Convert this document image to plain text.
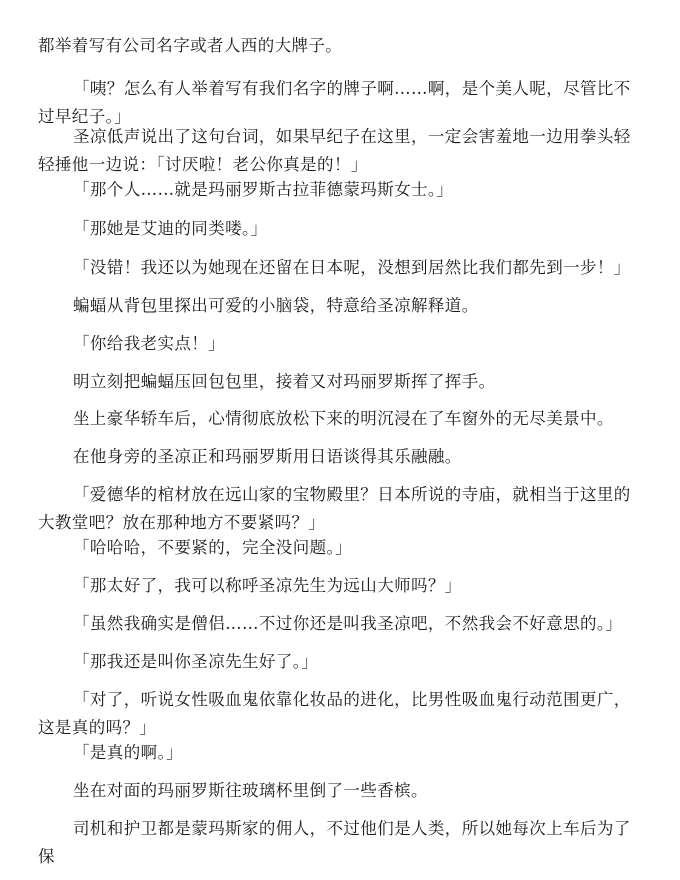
都举着写有公司名字或者人西的大牌子。

「咦？怎么有人举着写有我们名字的牌子啊……啊，是个美人呢，尽管比不过早纪子。」

圣凉低声说出了这句台词，如果早纪子在这里，一定会害羞地一边用拳头轻轻捶他一边说：「讨厌啦！老公你真是的！」

「那个人……就是玛丽罗斯古拉菲德蒙玛斯女士。」

「那她是艾迪的同类喽。」

「没错！我还以为她现在还留在日本呢，没想到居然比我们都先到一步！」

蝙蝠从背包里探出可爱的小脑袋，特意给圣凉解释道。

「你给我老实点！」

明立刻把蝙蝠压回包包里，接着又对玛丽罗斯挥了挥手。

坐上豪华轿车后，心情彻底放松下来的明沉浸在了车窗外的无尽美景中。

在他身旁的圣凉正和玛丽罗斯用日语谈得其乐融融。

「爱德华的棺材放在远山家的宝物殿里？日本所说的寺庙，就相当于这里的大教堂吧？放在那种地方不要紧吗？」

「哈哈哈，不要紧的，完全没问题。」

「那太好了，我可以称呼圣凉先生为远山大师吗？」

「虽然我确实是僧侣……不过你还是叫我圣凉吧，不然我会不好意思的。」

「那我还是叫你圣凉先生好了。」

「对了，听说女性吸血鬼依靠化妆品的进化，比男性吸血鬼行动范围更广，这是真的吗？」

「是真的啊。」

坐在对面的玛丽罗斯往玻璃杯里倒了一些香槟。

司机和护卫都是蒙玛斯家的佣人，不过他们是人类，所以她每次上车后为了保
